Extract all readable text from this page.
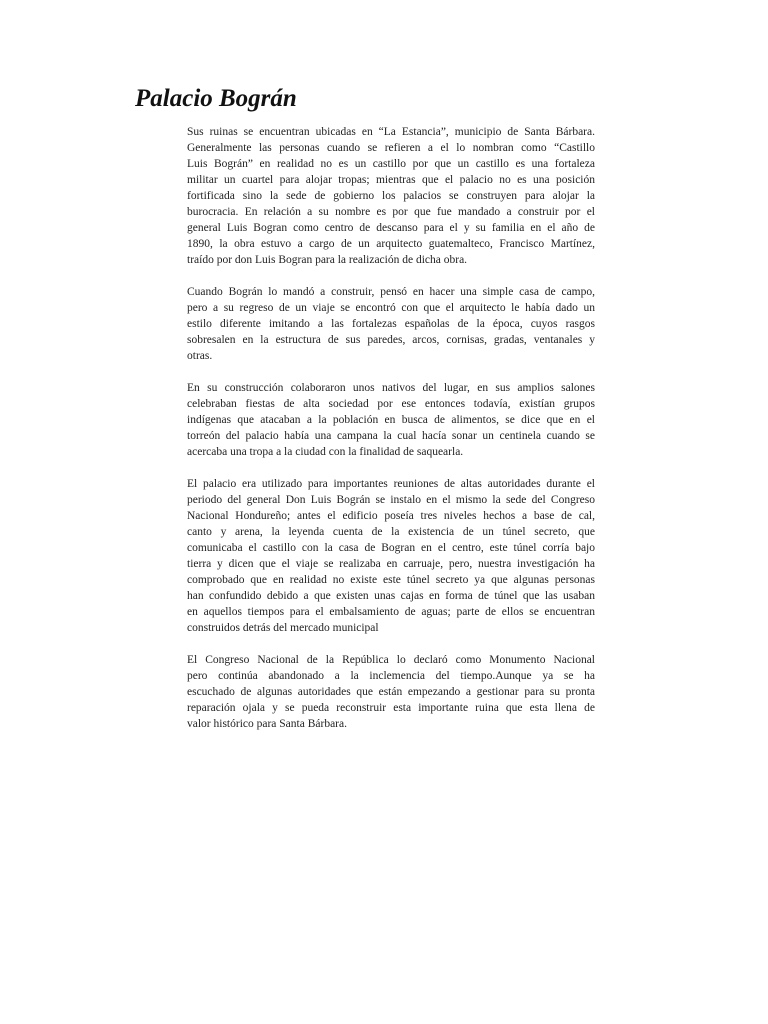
Palacio Bográn
Sus ruinas se encuentran ubicadas en “La Estancia”, municipio de Santa Bárbara.
Generalmente las personas cuando se refieren a el lo nombran como “Castillo
Luis Bográn” en realidad no es un castillo por que un castillo es una fortaleza
militar un cuartel para alojar tropas; mientras que el palacio no es una posición
fortificada sino la sede de gobierno los palacios se construyen para alojar la
burocracia. En relación a su nombre es por que fue mandado a construir por el
general Luis Bogran como centro de descanso para el y su familia en el año de
1890, la obra estuvo a cargo de un arquitecto guatemalteco, Francisco Martínez,
traído por don Luis Bogran para la realización de dicha obra.
Cuando Bográn lo mandó a construir, pensó en hacer una simple casa de campo,
pero a su regreso de un viaje se encontró con que el arquitecto le había dado un
estilo diferente imitando a las fortalezas españolas de la época, cuyos rasgos
sobresalen en la estructura de sus paredes, arcos, cornisas, gradas, ventanales y
otras.
En su construcción colaboraron unos nativos del lugar, en sus amplios salones
celebraban fiestas de alta sociedad por ese entonces todavía, existían grupos
indígenas que atacaban a la población en busca de alimentos, se dice que en el
torreón del palacio había una campana la cual hacía sonar un centinela cuando se
acercaba una tropa a la ciudad con la finalidad de saquearla.
El palacio era utilizado para importantes reuniones de altas autoridades durante el
periodo del general Don Luis Bográn se instalo en el mismo la sede del Congreso
Nacional Hondureño; antes el edificio poseía tres niveles hechos a base de cal,
canto y arena, la leyenda cuenta de la existencia de un túnel secreto, que
comunicaba el castillo con la casa de Bogran en el centro, este túnel corría bajo
tierra y dicen que el viaje se realizaba en carruaje, pero, nuestra investigación ha
comprobado que en realidad no existe este túnel secreto ya que algunas personas
han confundido debido a que existen unas cajas en forma de túnel que las usaban
en aquellos tiempos para el embalsamiento de aguas; parte de ellos se encuentran
construidos detrás del mercado municipal
El Congreso Nacional de la República lo declaró como Monumento Nacional
pero continúa abandonado a la inclemencia del tiempo.Aunque ya se ha
escuchado de algunas autoridades que están empezando a gestionar para su pronta
reparación ojala y se pueda reconstruir esta importante ruina que esta llena de
valor histórico para Santa Bárbara.
